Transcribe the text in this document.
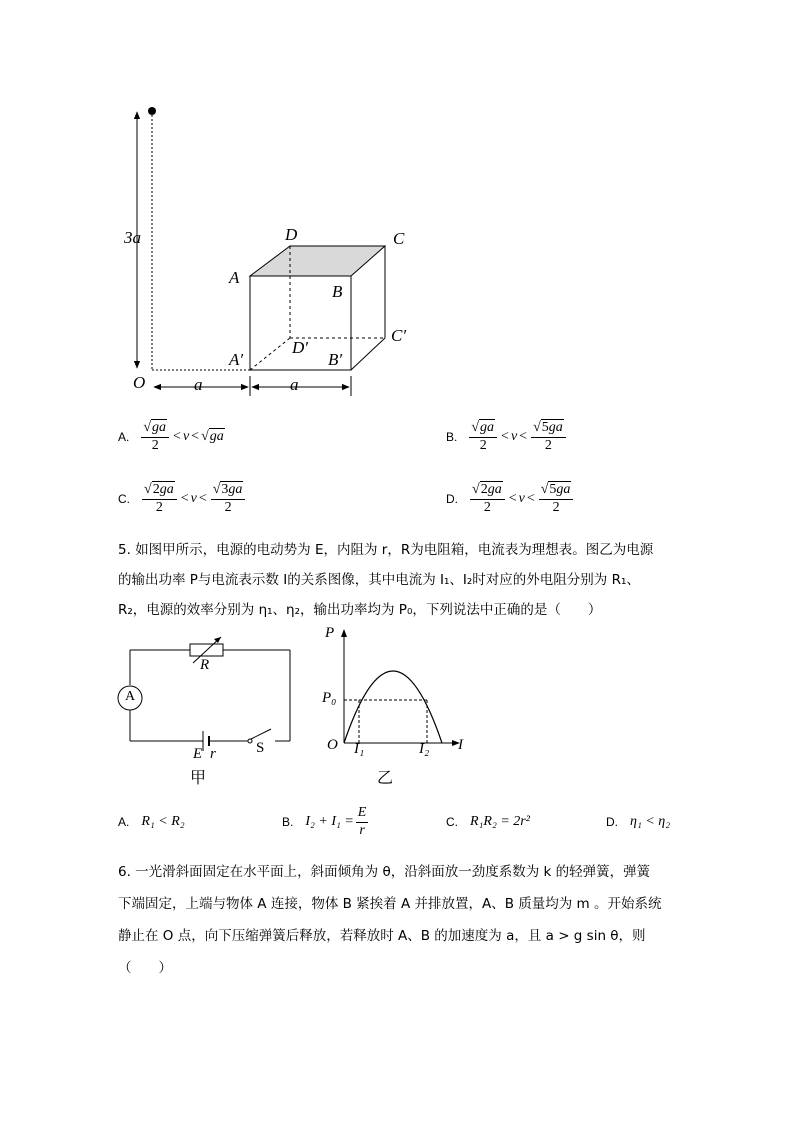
3a
O	a	a
A
B
C
D
A′	B′
C′
D′
A. $\frac{√ga}{2} < v < √ga$	B. $\frac{√ga}{2} < v < \frac{√5ga}{2}$
C. $\frac{√2ga}{2} < v < \frac{√3ga}{2}$	D. $\frac{√2ga}{2} < v < \frac{√5ga}{2}$
5. 如图甲所示，电源的电动势为 E，内阻为 r，R为电阻箱，电流表为理想表。图乙为电源
的输出功率 P与电流表示数 I的关系图像，其中电流为 I₁、I₂时对应的外电阻分别为 R₁、
R₂，电源的效率分别为 η₁、η₂，输出功率均为 P₀，下列说法中正确的是（　　）
R
A
E r	S
甲
P
I
O
P₀
I₁	I₂
乙
A. R₁ < R₂	B. $I_2 + I_1 = \frac{E}{r}$	C. R₁R₂ = 2r²	D. η₁ < η₂
6. 一光滑斜面固定在水平面上，斜面倾角为 θ，沿斜面放一劲度系数为 k 的轻弹簧，弹簧
下端固定，上端与物体 A 连接，物体 B 紧挨着 A 并排放置，A、B 质量均为 m 。开始系统
静止在 O 点，向下压缩弹簧后释放，若释放时 A、B 的加速度为 a，且 a > g sin θ，则
（　　）
